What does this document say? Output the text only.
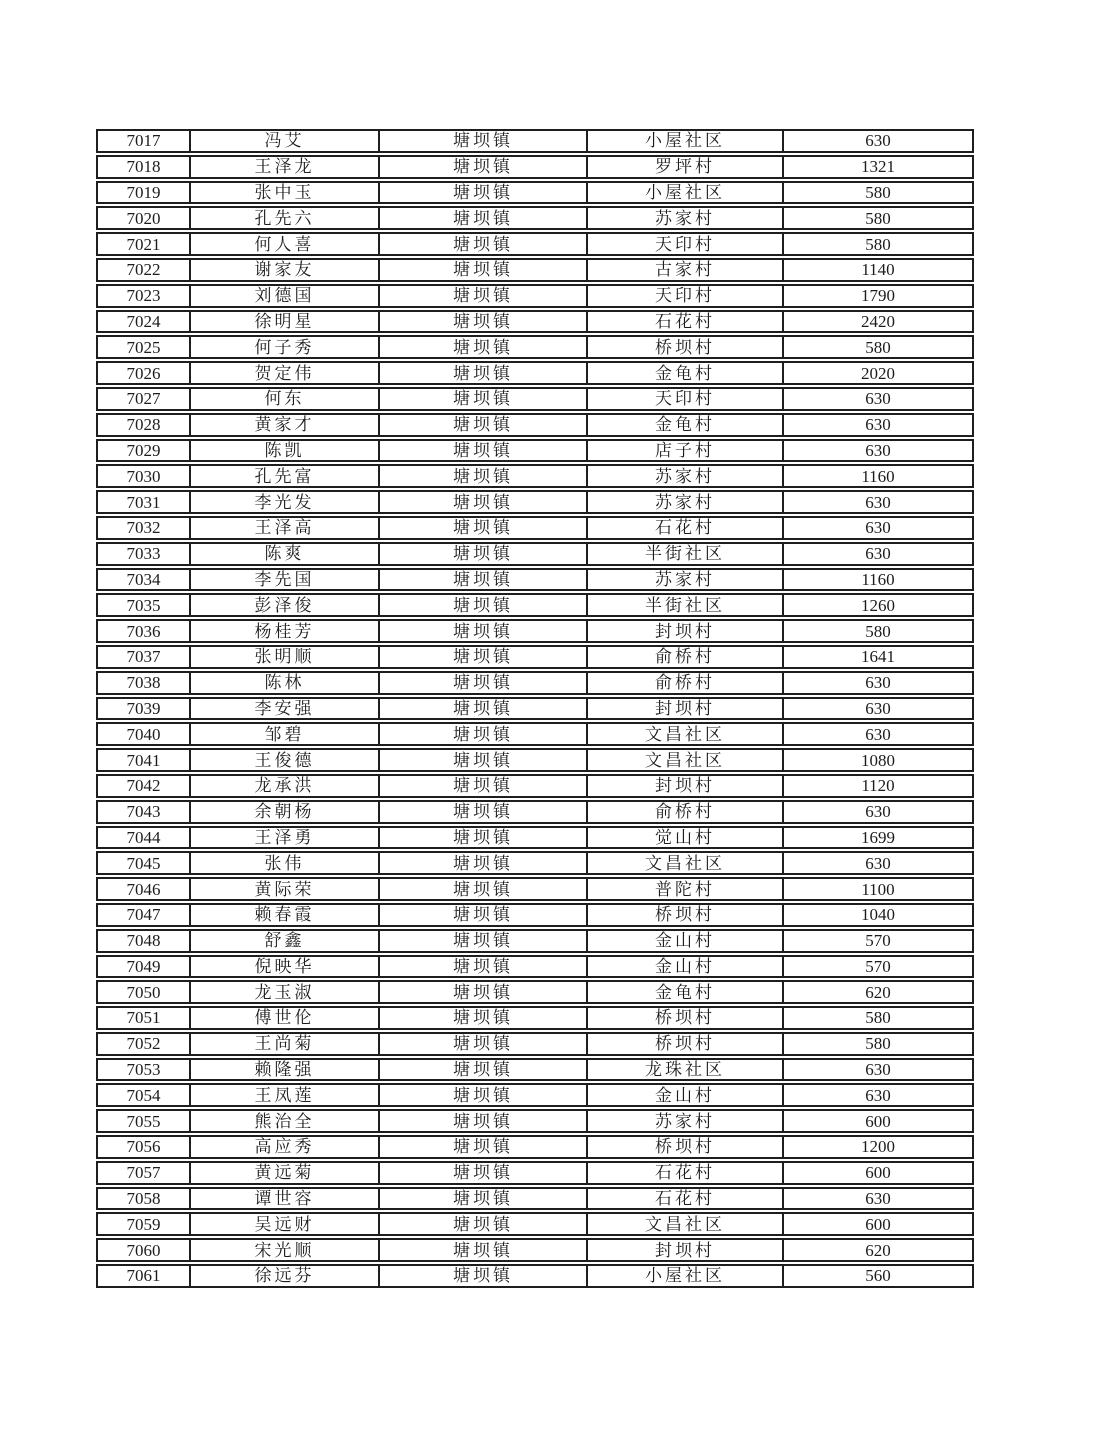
7017	冯艾	塘坝镇	小屋社区	630
7018	王泽龙	塘坝镇	罗坪村	1321
7019	张中玉	塘坝镇	小屋社区	580
7020	孔先六	塘坝镇	苏家村	580
7021	何人喜	塘坝镇	天印村	580
7022	谢家友	塘坝镇	古家村	1140
7023	刘德国	塘坝镇	天印村	1790
7024	徐明星	塘坝镇	石花村	2420
7025	何子秀	塘坝镇	桥坝村	580
7026	贺定伟	塘坝镇	金龟村	2020
7027	何东	塘坝镇	天印村	630
7028	黄家才	塘坝镇	金龟村	630
7029	陈凯	塘坝镇	店子村	630
7030	孔先富	塘坝镇	苏家村	1160
7031	李光发	塘坝镇	苏家村	630
7032	王泽高	塘坝镇	石花村	630
7033	陈爽	塘坝镇	半街社区	630
7034	李先国	塘坝镇	苏家村	1160
7035	彭泽俊	塘坝镇	半街社区	1260
7036	杨桂芳	塘坝镇	封坝村	580
7037	张明顺	塘坝镇	俞桥村	1641
7038	陈林	塘坝镇	俞桥村	630
7039	李安强	塘坝镇	封坝村	630
7040	邹碧	塘坝镇	文昌社区	630
7041	王俊德	塘坝镇	文昌社区	1080
7042	龙承洪	塘坝镇	封坝村	1120
7043	余朝杨	塘坝镇	俞桥村	630
7044	王泽勇	塘坝镇	觉山村	1699
7045	张伟	塘坝镇	文昌社区	630
7046	黄际荣	塘坝镇	普陀村	1100
7047	赖春霞	塘坝镇	桥坝村	1040
7048	舒鑫	塘坝镇	金山村	570
7049	倪映华	塘坝镇	金山村	570
7050	龙玉淑	塘坝镇	金龟村	620
7051	傅世伦	塘坝镇	桥坝村	580
7052	王尚菊	塘坝镇	桥坝村	580
7053	赖隆强	塘坝镇	龙珠社区	630
7054	王凤莲	塘坝镇	金山村	630
7055	熊治全	塘坝镇	苏家村	600
7056	高应秀	塘坝镇	桥坝村	1200
7057	黄远菊	塘坝镇	石花村	600
7058	谭世容	塘坝镇	石花村	630
7059	吴远财	塘坝镇	文昌社区	600
7060	宋光顺	塘坝镇	封坝村	620
7061	徐远芬	塘坝镇	小屋社区	560
